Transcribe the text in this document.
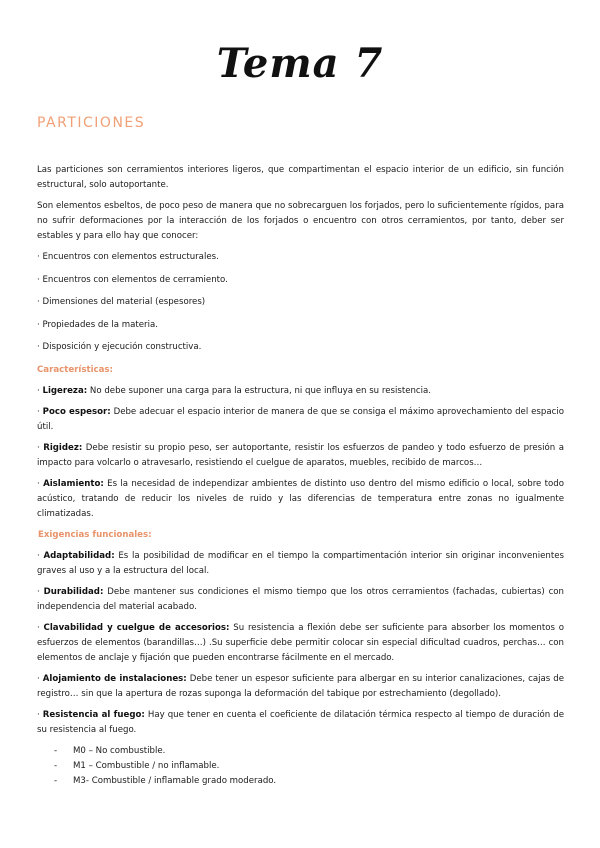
Tema 7
PARTICIONES

Las particiones son cerramientos interiores ligeros, que compartimentan el espacio interior de un edificio, sin función estructural, solo autoportante.

Son elementos esbeltos, de poco peso de manera que no sobrecarguen los forjados, pero lo suficientemente rígidos, para no sufrir deformaciones por la interacción de los forjados o encuentro con otros cerramientos, por tanto, deber ser estables y para ello hay que conocer:

· Encuentros con elementos estructurales.

· Encuentros con elementos de cerramiento.

· Dimensiones del material (espesores)

· Propiedades de la materia.

· Disposición y ejecución constructiva.

Características:

· Ligereza: No debe suponer una carga para la estructura, ni que influya en su resistencia.

· Poco espesor: Debe adecuar el espacio interior de manera de que se consiga el máximo aprovechamiento del espacio útil.

· Rigidez: Debe resistir su propio peso, ser autoportante, resistir los esfuerzos de pandeo y todo esfuerzo de presión a impacto para volcarlo o atravesarlo, resistiendo el cuelgue de aparatos, muebles, recibido de marcos…

· Aislamiento: Es la necesidad de independizar ambientes de distinto uso dentro del mismo edificio o local, sobre todo acústico, tratando de reducir los niveles de ruido y las diferencias de temperatura entre zonas no igualmente climatizadas.

Exigencias funcionales:

· Adaptabilidad: Es la posibilidad de modificar en el tiempo la compartimentación interior sin originar inconvenientes graves al uso y a la estructura del local.

· Durabilidad: Debe mantener sus condiciones el mismo tiempo que los otros cerramientos (fachadas, cubiertas) con independencia del material acabado.

· Clavabilidad y cuelgue de accesorios: Su resistencia a flexión debe ser suficiente para absorber los momentos o esfuerzos de elementos (barandillas…) .Su superficie debe permitir colocar sin especial dificultad cuadros, perchas… con elementos de anclaje y fijación que pueden encontrarse fácilmente en el mercado.

· Alojamiento de instalaciones: Debe tener un espesor suficiente para albergar en su interior canalizaciones, cajas de registro… sin que la apertura de rozas suponga la deformación del tabique por estrechamiento (degollado).

· Resistencia al fuego: Hay que tener en cuenta el coeficiente de dilatación térmica respecto al tiempo de duración de su resistencia al fuego.

-	M0 – No combustible.
-	M1 – Combustible / no inflamable.
-	M3- Combustible / inflamable grado moderado.
